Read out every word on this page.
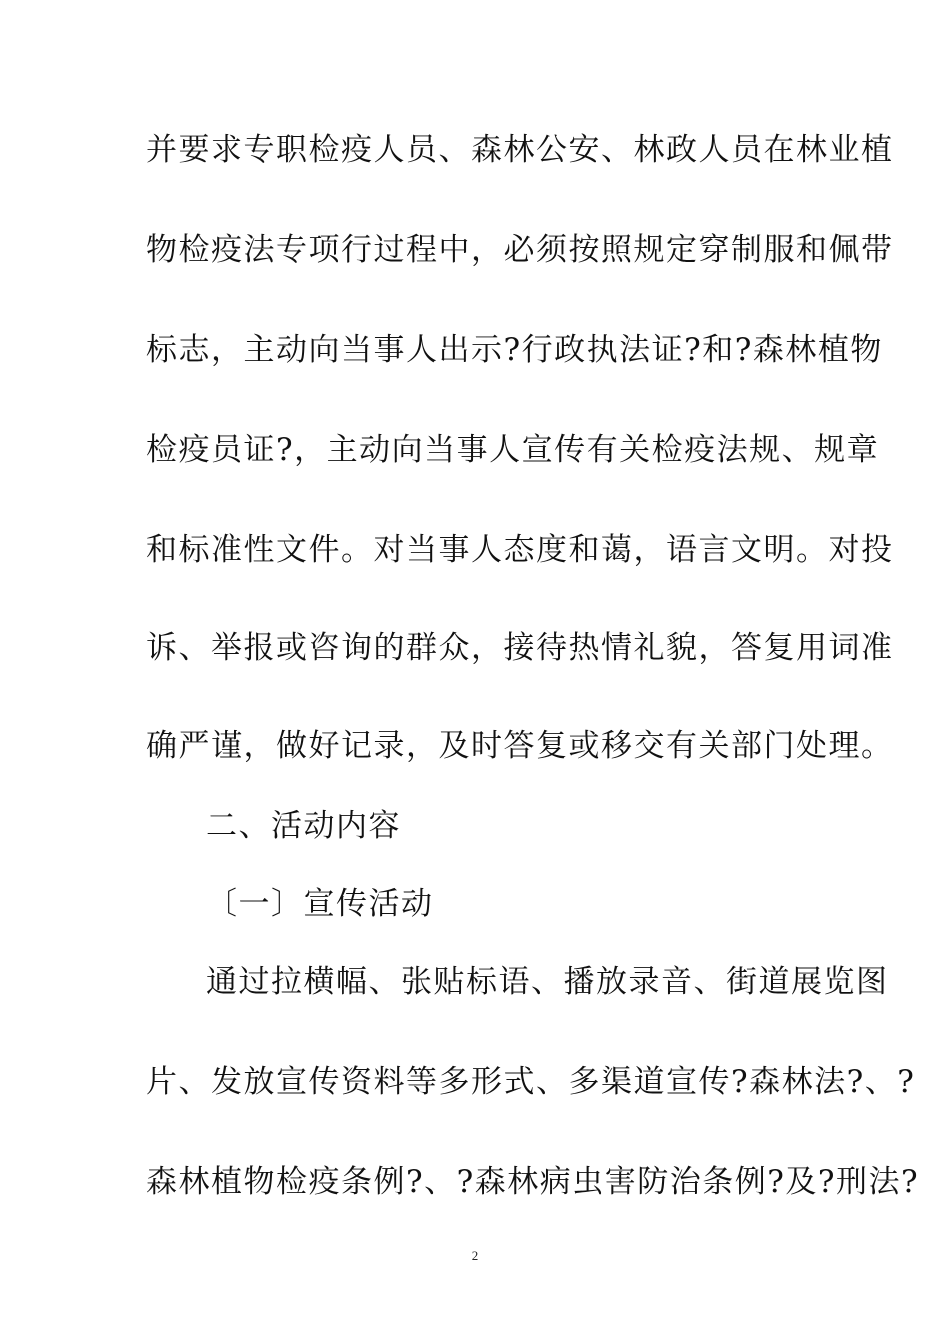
并要求专职检疫人员、森林公安、林政人员在林业植
物检疫法专项行过程中，必须按照规定穿制服和佩带
标志，主动向当事人出示?行政执法证?和?森林植物
检疫员证?，主动向当事人宣传有关检疫法规、规章
和标准性文件。对当事人态度和蔼，语言文明。对投
诉、举报或咨询的群众，接待热情礼貌，答复用词准
确严谨，做好记录，及时答复或移交有关部门处理。
二、活动内容
〔一〕宣传活动
通过拉横幅、张贴标语、播放录音、街道展览图
片、发放宣传资料等多形式、多渠道宣传?森林法?、?
森林植物检疫条例?、?森林病虫害防治条例?及?刑法?
2
